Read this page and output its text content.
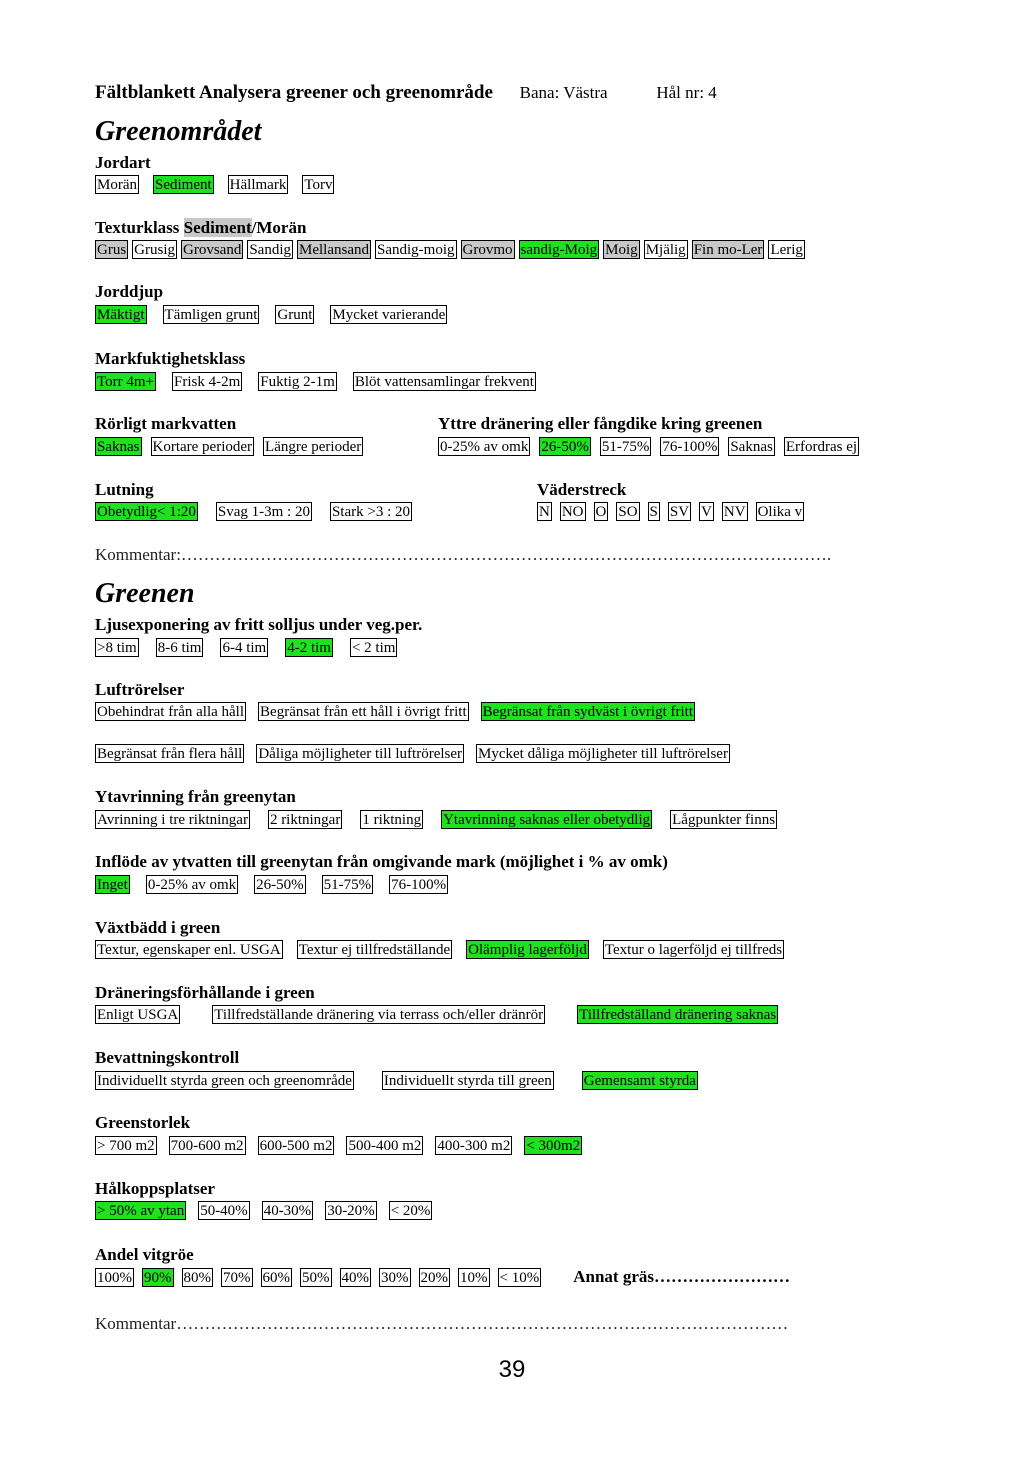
Fältblankett Analysera greener och greenområde Bana: Västra	Hål nr: 4
Greenområdet
Jordart
Morän Sediment Hällmark Torv
Texturklass Sediment/Morän
Grus Grusig Grovsand Sandig Mellansand Sandig-moig Grovmo sandig-Moig Moig Mjälig Fin mo-Ler Lerig
Jorddjup
Mäktigt Tämligen grunt Grunt Mycket varierande
Markfuktighetsklass
Torr 4m+ Frisk 4-2m Fuktig 2-1m Blöt vattensamlingar frekvent
Rörligt markvatten	Yttre dränering eller fångdike kring greenen
Saknas Kortare perioder Längre perioder	0-25% av omk 26-50% 51-75% 76-100% Saknas Erfordras ej
Lutning	Väderstreck
Obetydlig< 1:20 Svag 1-3m : 20 Stark >3 : 20	N NO O SO S SV V NV Olika v
Kommentar:…………………………………………………………………………………………………….
Greenen
Ljusexponering av fritt solljus under veg.per.
>8 tim 8-6 tim 6-4 tim 4-2 tim < 2 tim
Luftrörelser
Obehindrat från alla håll Begränsat från ett håll i övrigt fritt Begränsat från sydväst i övrigt fritt
Begränsat från flera håll Dåliga möjligheter till luftrörelser Mycket dåliga möjligheter till luftrörelser
Ytavrinning från greenytan
Avrinning i tre riktningar 2 riktningar 1 riktning Ytavrinning saknas eller obetydlig Lågpunkter finns
Inflöde av ytvatten till greenytan från omgivande mark (möjlighet i % av omk)
Inget 0-25% av omk 26-50% 51-75% 76-100%
Växtbädd i green
Textur, egenskaper enl. USGA Textur ej tillfredställande Olämplig lagerföljd Textur o lagerföljd ej tillfreds
Dräneringsförhållande i green
Enligt USGA Tillfredställande dränering via terrass och/eller dränrör Tillfredställand dränering saknas
Bevattningskontroll
Individuellt styrda green och greenområde Individuellt styrda till green Gemensamt styrda
Greenstorlek
> 700 m2 700-600 m2 600-500 m2 500-400 m2 400-300 m2 < 300m2
Hålkoppsplatser
> 50% av ytan 50-40% 40-30% 30-20% < 20%
Andel vitgröe
100% 90% 80% 70% 60% 50% 40% 30% 20% 10% < 10% Annat gräs……………………
Kommentar………………………………………………………………………………………………
39
